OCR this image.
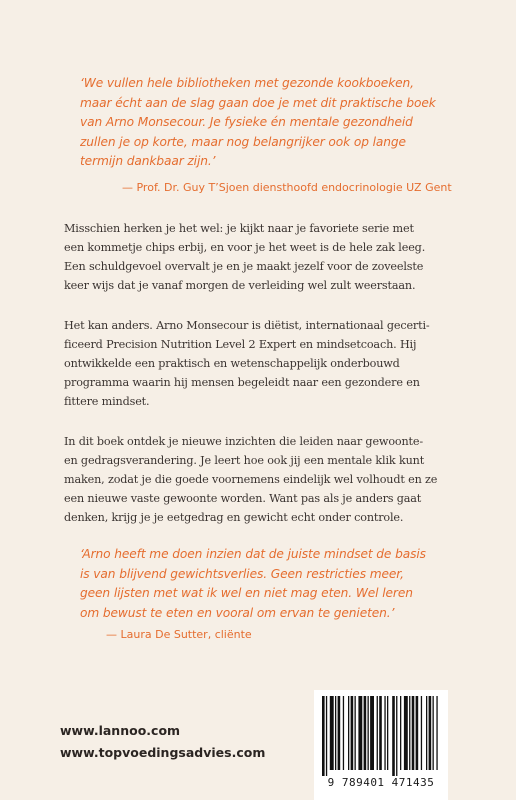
‘We vullen hele bibliotheken met gezonde kookboeken,

maar écht aan de slag gaan doe je met dit praktische boek

van Arno Monsecour. Je fysieke én mentale gezondheid

zullen je op korte, maar nog belangrijker ook op lange

termijn dankbaar zijn.’

— Prof. Dr. Guy T’Sjoen diensthoofd endocrinologie UZ Gent

Misschien herken je het wel: je kijkt naar je favoriete serie met

een kommetje chips erbij, en voor je het weet is de hele zak leeg.

Een schuldgevoel overvalt je en je maakt jezelf voor de zoveelste

keer wijs dat je vanaf morgen de verleiding wel zult weerstaan.

Het kan anders. Arno Monsecour is diëtist, internationaal gecerti-

ficeerd Precision Nutrition Level 2 Expert en mindsetcoach. Hij

ontwikkelde een praktisch en wetenschappelijk onderbouwd

programma waarin hij mensen begeleidt naar een gezondere en

fittere mindset.

In dit boek ontdek je nieuwe inzichten die leiden naar gewoonte-

en gedragsverandering. Je leert hoe ook jij een mentale klik kunt

maken, zodat je die goede voornemens eindelijk wel volhoudt en ze

een nieuwe vaste gewoonte worden. Want pas als je anders gaat

denken, krijg je je eetgedrag en gewicht echt onder controle.

‘Arno heeft me doen inzien dat de juiste mindset de basis

is van blijvend gewichtsverlies. Geen restricties meer,

geen lijsten met wat ik wel en niet mag eten. Wel leren

om bewust te eten en vooral om ervan te genieten.’

— Laura De Sutter, cliënte
www.lannoo.com
www.topvoedingsadvies.com
9 789401 471435
